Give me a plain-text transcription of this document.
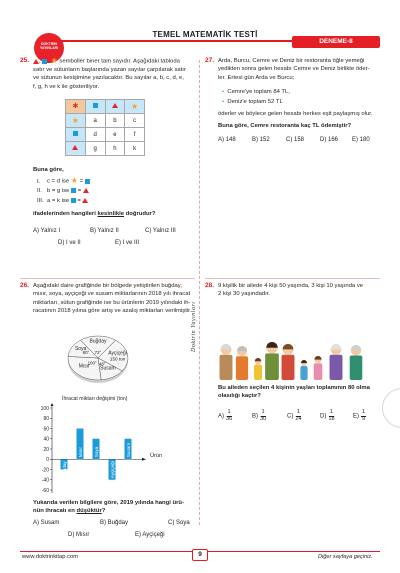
DOKTRİN
YAYINLARI
TEMEL MATEMATİK TESTİ
DENEME-8
25.	, , ★ semboller biner tam sayıdır. Aşağıdaki tabloda
satır ve sütunların başlarında yazan sayılar çarpılarak satır
ve sütunun kesişimine yazılacaktır. Bu sayılar a, b, c, d, e,
f, g, h ve k ile gösteriliyor.
✱			★
★	a	b	c
	d	e	f
	g	h	k
Buna göre,
I. c = d ise ★ =
II. b = g ise =
III. a = k ise =
ifadelerinden hangileri kesinlikle doğrudur?
A) Yalnız I	B) Yalnız II	C) Yalnız III
D) I ve II	E) I ve III
26. Aşağıdaki daire grafiğinde bir bölgede yetiştirilen buğday,
mısır, soya, ayçiçeği ve susam miktarlarının 2018 yılı ihracat
miktarları, sütun grafiğinde ise bu ürünlerin 2019 yılındaki ih-
racatının 2018 yılına göre artış ve azalış miktarları verilmiştir.
Buğday
72° Ayçiçeği
150 ton
Susam
48°
Mısır
100°
Soya
80°
İhracat miktarı değişimi (ton)
100
80
60
40
20
0
-20
-40
-60
Buğday
Mısır Soya
Ayçiçeği
Susam	Ürün
Yukarıda verilen bilgilere göre, 2019 yılında hangi ürü-
nün ihracatı en düşüktür?
A) Susam	B) Buğday	C) Soya
D) Mısır	E) Ayçiçeği
Doktrin Yayınları
27. Arda, Burcu, Cemre ve Deniz bir restoranta öğle yemeği
yedikten sonra gelen hesabı Cemre ve Deniz birlikte öder-
ler. Ertesi gün Arda ve Burcu;
• Cemre'ye toplam 84 TL,
• Deniz'e toplam 52 TL
öderler ve böylece gelen hesabı herkes eşit paylaşmış olur.
Buna göre, Cemre restoranta kaç TL ödemiştir?
A) 148	B) 152	C) 158	D) 166 E) 180
28. 9 kişilik bir ailede 4 kişi 50 yaşında, 3 kişi 10 yaşında ve
2 kişi 30 yaşındadır.
Bu aileden seçilen 4 kişinin yaşları toplamının 80 olma
olasılığı kaçtır?
$A) \frac{1}{36}$	$B) \frac{1}{30}$	$C) \frac{1}{24}$	$D) \frac{1}{18}$	$E) \frac{1}{9}$
www.doktrinkitap.com	9	Diğer sayfaya geçiniz.
